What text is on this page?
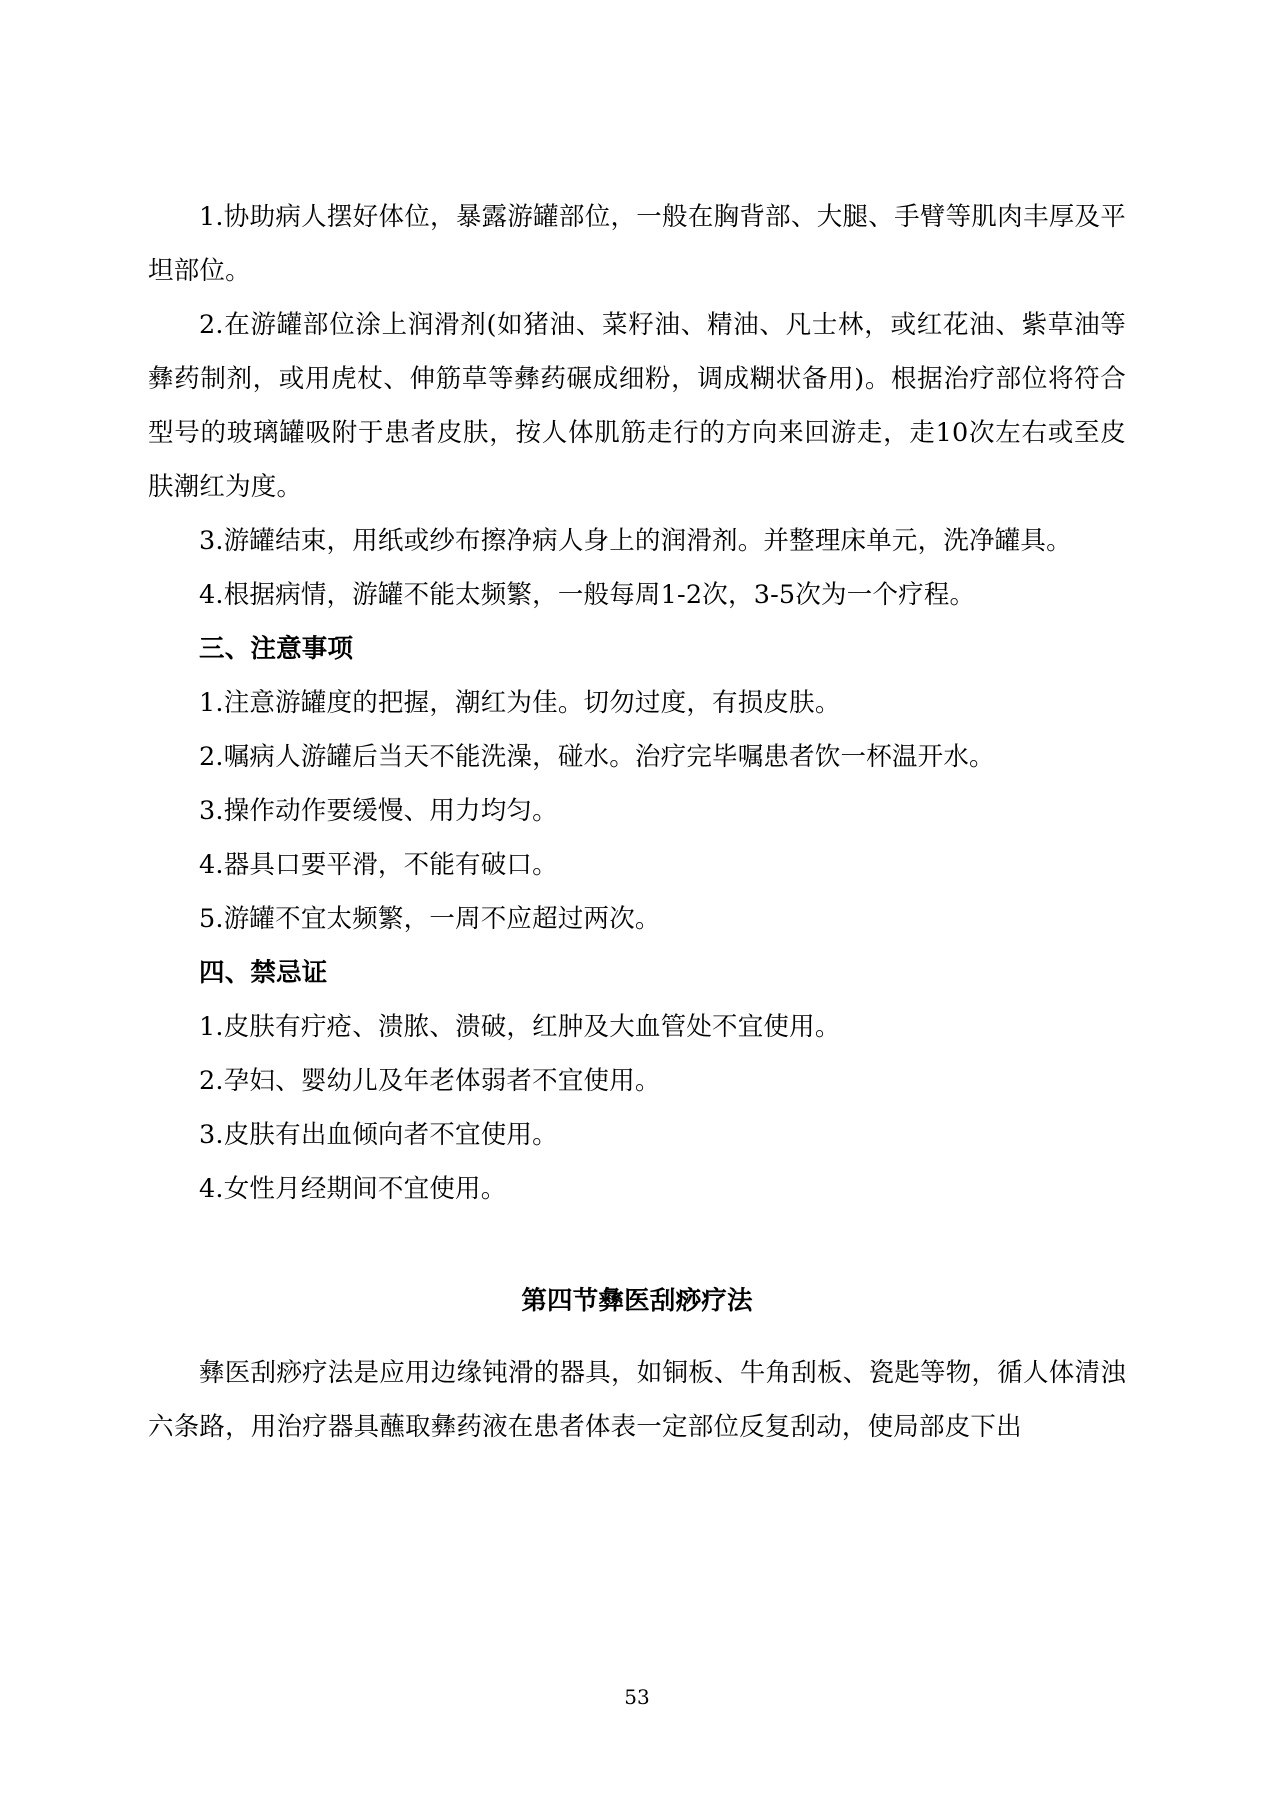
1.协助病人摆好体位，暴露游罐部位，一般在胸背部、大腿、手臂等肌肉丰厚及平坦部位。

2.在游罐部位涂上润滑剂(如猪油、菜籽油、精油、凡士林，或红花油、紫草油等彝药制剂，或用虎杖、伸筋草等彝药碾成细粉，调成糊状备用)。根据治疗部位将符合型号的玻璃罐吸附于患者皮肤，按人体肌筋走行的方向来回游走，走10次左右或至皮肤潮红为度。

3.游罐结束，用纸或纱布擦净病人身上的润滑剂。并整理床单元，洗净罐具。

4.根据病情，游罐不能太频繁，一般每周1-2次，3-5次为一个疗程。

三、注意事项

1.注意游罐度的把握，潮红为佳。切勿过度，有损皮肤。

2.嘱病人游罐后当天不能洗澡，碰水。治疗完毕嘱患者饮一杯温开水。

3.操作动作要缓慢、用力均匀。

4.器具口要平滑，不能有破口。

5.游罐不宜太频繁，一周不应超过两次。

四、禁忌证

1.皮肤有疔疮、溃脓、溃破，红肿及大血管处不宜使用。

2.孕妇、婴幼儿及年老体弱者不宜使用。

3.皮肤有出血倾向者不宜使用。

4.女性月经期间不宜使用。

第四节彝医刮痧疗法

彝医刮痧疗法是应用边缘钝滑的器具，如铜板、牛角刮板、瓷匙等物，循人体清浊六条路，用治疗器具蘸取彝药液在患者体表一定部位反复刮动，使局部皮下出

53
